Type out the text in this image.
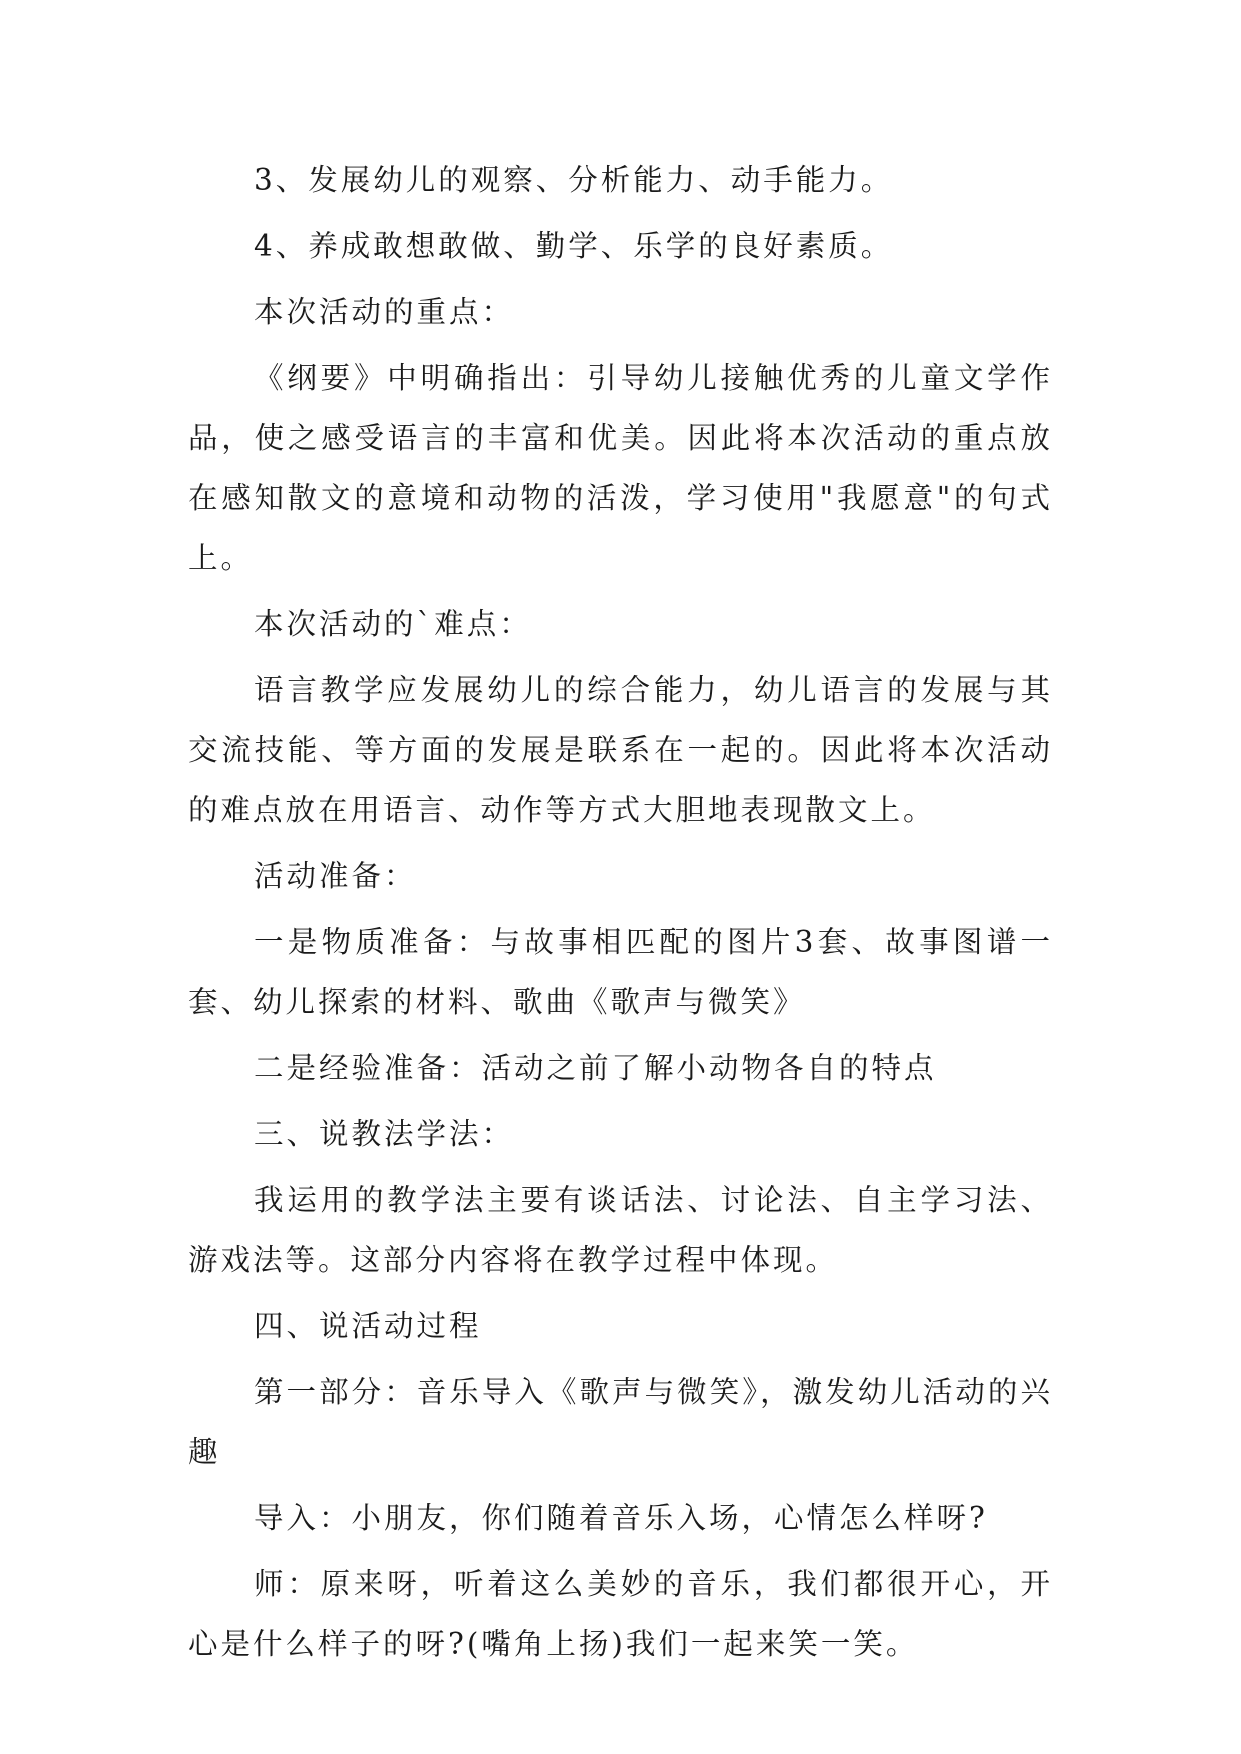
3、发展幼儿的观察、分析能力、动手能力。

4、养成敢想敢做、勤学、乐学的良好素质。

本次活动的重点：

《纲要》中明确指出：引导幼儿接触优秀的儿童文学作品，使之感受语言的丰富和优美。因此将本次活动的重点放在感知散文的意境和动物的活泼，学习使用"我愿意"的句式上。

本次活动的`难点：

语言教学应发展幼儿的综合能力，幼儿语言的发展与其交流技能、等方面的发展是联系在一起的。因此将本次活动的难点放在用语言、动作等方式大胆地表现散文上。

活动准备：

一是物质准备：与故事相匹配的图片3套、故事图谱一套、幼儿探索的材料、歌曲《歌声与微笑》

二是经验准备：活动之前了解小动物各自的特点

三、说教法学法：

我运用的教学法主要有谈话法、讨论法、自主学习法、游戏法等。这部分内容将在教学过程中体现。

四、说活动过程

第一部分：音乐导入《歌声与微笑》，激发幼儿活动的兴趣

导入：小朋友，你们随着音乐入场，心情怎么样呀?

师：原来呀，听着这么美妙的音乐，我们都很开心，开心是什么样子的呀?(嘴角上扬)我们一起来笑一笑。
